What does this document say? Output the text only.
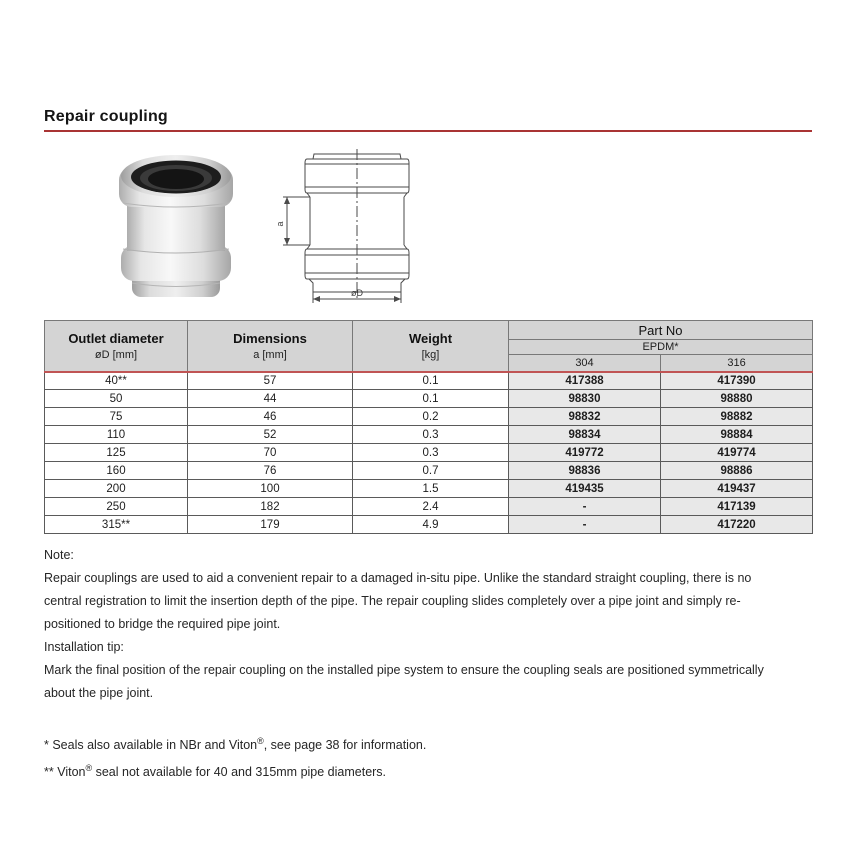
Repair coupling
a
øD
Outlet diameter
øD [mm]

Dimensions
a [mm]

Weight
[kg]
	Part No
			EPDM*	
			304	316
40**	57	0.1	417388	417390
50	44	0.1	98830	98880
75	46	0.2	98832	98882
110	52	0.3	98834	98884
125	70	0.3	419772	419774
160	76	0.7	98836	98886
200	100	1.5	419435	419437
250	182	2.4	-	417139
315**	179	4.9	-	417220

Note:

Repair couplings are used to aid a convenient repair to a damaged in-situ pipe. Unlike the standard straight coupling, there is no central registration to limit the insertion depth of the pipe. The repair coupling slides completely over a pipe joint and simply re-positioned to bridge the required pipe joint.

Installation tip:

Mark the final position of the repair coupling on the installed pipe system to ensure the coupling seals are positioned symmetrically about the pipe joint.

* Seals also available in NBr and Viton®, see page 38 for information.
** Viton® seal not available for 40 and 315mm pipe diameters.
